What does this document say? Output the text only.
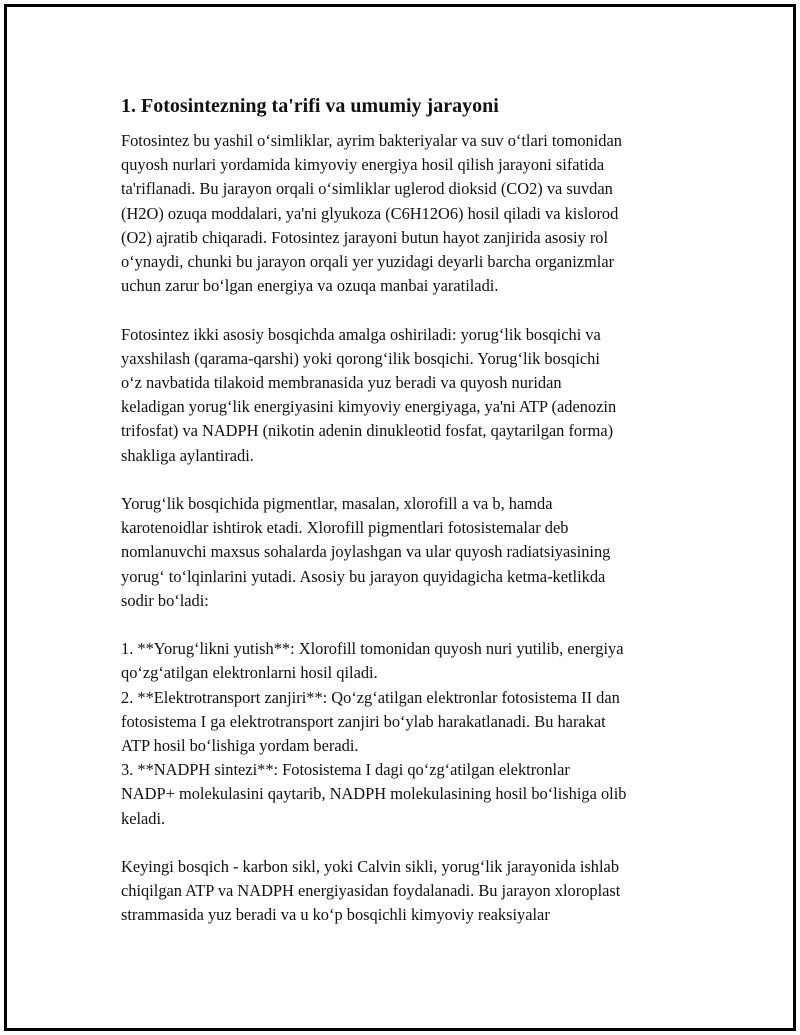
1. Fotosintezning ta'rifi va umumiy jarayoni

Fotosintez bu yashil o‘simliklar, ayrim bakteriyalar va suv o‘tlari tomonidan
quyosh nurlari yordamida kimyoviy energiya hosil qilish jarayoni sifatida
ta'riflanadi. Bu jarayon orqali o‘simliklar uglerod dioksid (CO2) va suvdan
(H2O) ozuqa moddalari, ya'ni glyukoza (C6H12O6) hosil qiladi va kislorod
(O2) ajratib chiqaradi. Fotosintez jarayoni butun hayot zanjirida asosiy rol
o‘ynaydi, chunki bu jarayon orqali yer yuzidagi deyarli barcha organizmlar
uchun zarur bo‘lgan energiya va ozuqa manbai yaratiladi.

Fotosintez ikki asosiy bosqichda amalga oshiriladi: yorug‘lik bosqichi va
yaxshilash (qarama-qarshi) yoki qorong‘ilik bosqichi. Yorug‘lik bosqichi
o‘z navbatida tilakoid membranasida yuz beradi va quyosh nuridan
keladigan yorug‘lik energiyasini kimyoviy energiyaga, ya'ni ATP (adenozin
trifosfat) va NADPH (nikotin adenin dinukleotid fosfat, qaytarilgan forma)
shakliga aylantiradi.

Yorug‘lik bosqichida pigmentlar, masalan, xlorofill a va b, hamda
karotenoidlar ishtirok etadi. Xlorofill pigmentlari fotosistemalar deb
nomlanuvchi maxsus sohalarda joylashgan va ular quyosh radiatsiyasining
yorug‘ to‘lqinlarini yutadi. Asosiy bu jarayon quyidagicha ketma-ketlikda
sodir bo‘ladi:

1. **Yorug‘likni yutish**: Xlorofill tomonidan quyosh nuri yutilib, energiya
qo‘zg‘atilgan elektronlarni hosil qiladi.
2. **Elektrotransport zanjiri**: Qo‘zg‘atilgan elektronlar fotosistema II dan
fotosistema I ga elektrotransport zanjiri bo‘ylab harakatlanadi. Bu harakat
ATP hosil bo‘lishiga yordam beradi.
3. **NADPH sintezi**: Fotosistema I dagi qo‘zg‘atilgan elektronlar
NADP+ molekulasini qaytarib, NADPH molekulasining hosil bo‘lishiga olib
keladi.

Keyingi bosqich - karbon sikl, yoki Calvin sikli, yorug‘lik jarayonida ishlab
chiqilgan ATP va NADPH energiyasidan foydalanadi. Bu jarayon xloroplast
strammasida yuz beradi va u ko‘p bosqichli kimyoviy reaksiyalar
